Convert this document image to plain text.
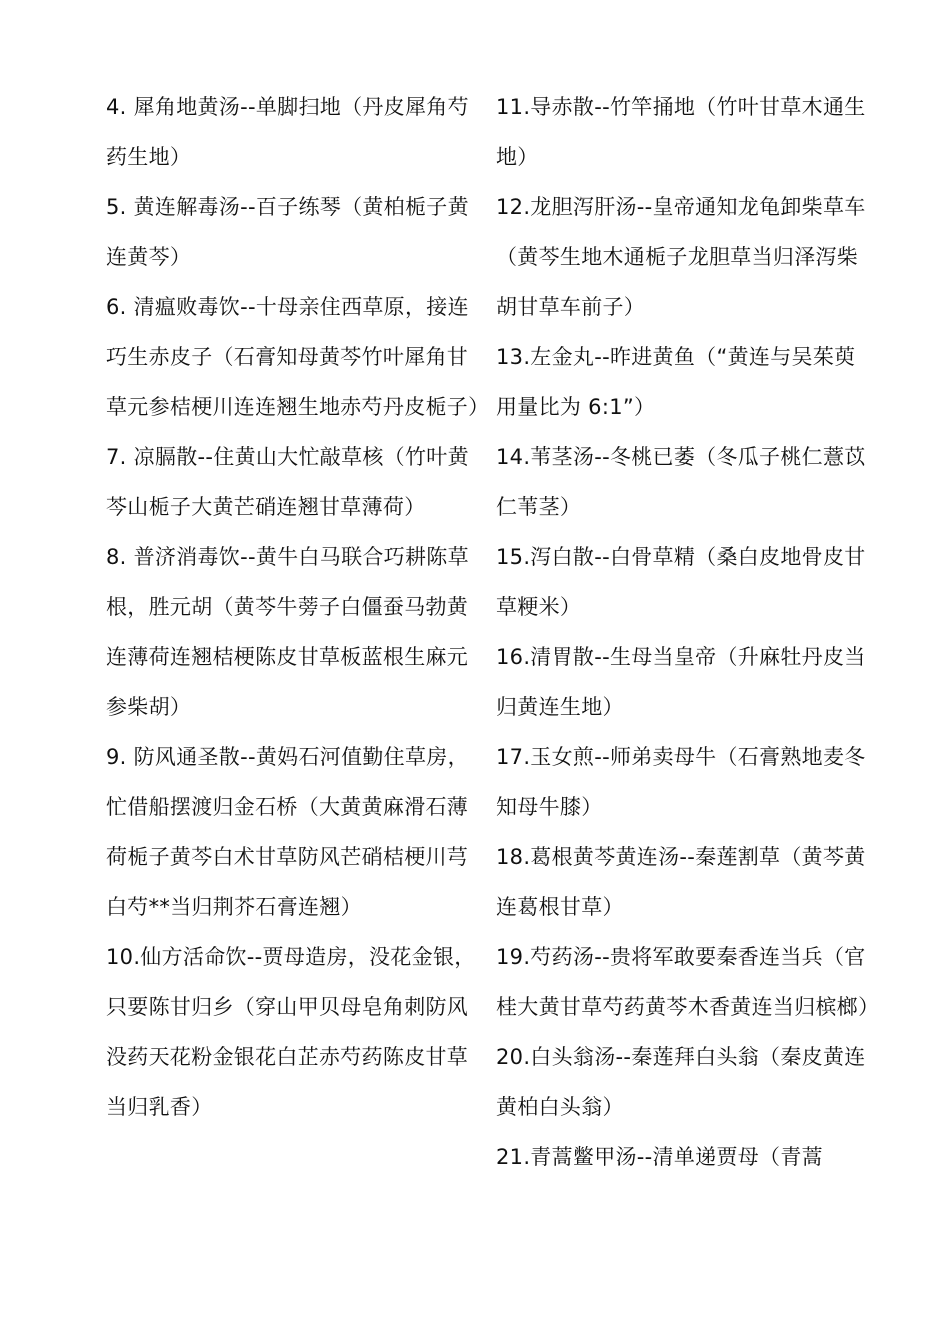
4. 犀角地黄汤--单脚扫地（丹皮犀角芍药生地）
5. 黄连解毒汤--百子练琴（黄柏栀子黄连黄芩）
6. 清瘟败毒饮--十母亲住西草原，接连巧生赤皮子（石膏知母黄芩竹叶犀角甘草元参桔梗川连连翘生地赤芍丹皮栀子）
7. 凉膈散--住黄山大忙敲草核（竹叶黄芩山栀子大黄芒硝连翘甘草薄荷）
8. 普济消毒饮--黄牛白马联合巧耕陈草根，胜元胡（黄芩牛蒡子白僵蚕马勃黄连薄荷连翘桔梗陈皮甘草板蓝根生麻元参柴胡）
9. 防风通圣散--黄妈石河值勤住草房，忙借船摆渡归金石桥（大黄黄麻滑石薄荷栀子黄芩白术甘草防风芒硝桔梗川芎白芍**当归荆芥石膏连翘）
10.仙方活命饮--贾母造房，没花金银，只要陈甘归乡（穿山甲贝母皂角刺防风没药天花粉金银花白芷赤芍药陈皮甘草当归乳香）
11.导赤散--竹竿捅地（竹叶甘草木通生地）
12.龙胆泻肝汤--皇帝通知龙龟卸柴草车（黄芩生地木通栀子龙胆草当归泽泻柴胡甘草车前子）
13.左金丸--昨进黄鱼（“黄连与吴茱萸用量比为 6:1”）
14.苇茎汤--冬桃已萎（冬瓜子桃仁薏苡仁苇茎）
15.泻白散--白骨草精（桑白皮地骨皮甘草粳米）
16.清胃散--生母当皇帝（升麻牡丹皮当归黄连生地）
17.玉女煎--师弟卖母牛（石膏熟地麦冬知母牛膝）
18.葛根黄芩黄连汤--秦莲割草（黄芩黄连葛根甘草）
19.芍药汤--贵将军敢要秦香连当兵（官桂大黄甘草芍药黄芩木香黄连当归槟榔）
20.白头翁汤--秦莲拜白头翁（秦皮黄连黄柏白头翁）
21.青蒿鳖甲汤--清单递贾母（青蒿
